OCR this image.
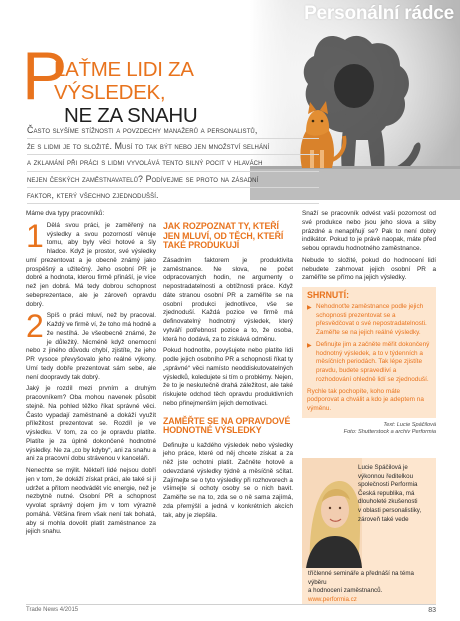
Personální rádce
P
LAŤME LIDI ZA VÝSLEDEK,
NE ZA SNAHU
Často slyšíme stížnosti a povzdechy manažerů a personalistů,
že s lidmi je to složité. Musí to tak být nebo jen množství selhání
a zklamání při práci s lidmi vyvolává tento silný pocit v hlavách
nejen českých zaměstnavatelů? Podívejme se proto na zásadní
faktor, který všechno zjednodušší.

Máme dva typy pracovníků:

1 Dělá svou práci, je zaměřený na výsledky a svou pozorností věnuje tomu, aby byly věci hotové a šly hladce. Když je prostor, své výsledky umí prezentovat a je obecně známý jako prospěšný a užitečný. Jeho osobní PR je dobré a hodnota, kterou firmě přináší, je více než jen dobrá. Má tedy dobrou schopnost sebeprezentace, ale je zároveň opravdu dobrý.

2 Spíš o práci mluví, než by pracoval. Každý ve firmě ví, že toho má hodně a že nestíhá. Je všeobecně známé, že je důležitý. Nicméně když onemocní nebo z jiného důvodu chybí, zjistíte, že jeho PR vysoce převyšovalo jeho reálné výkony. Umí tedy dobře prezentovat sám sebe, ale není doopravdy tak dobrý.

Jaký je rozdíl mezi prvním a druhým pracovníkem? Oba mohou navenek působit stejně. Na pohled těžko říkat správné věci. Často vypadají zaměstnaně a dokáží využít příležitost prezentovat se. Rozdíl je ve výsledku. V tom, za co je opravdu platíte. Platíte je za úplně dokončené hodnotné výsledky. Ne za „co by kdyby“, ani za snahu a ani za pracovní dobu strávenou v kanceláři.

Nenechte se mýlit. Někteří lidé nejsou dobří jen v tom, že dokáží získat práci, ale také si ji udržet a přitom neodvádět víc energie, než je nezbytně nutné. Osobní PR a schopnost vyvolat správný dojem jim v tom výrazně pomáhá. Většina firem však není tak bohatá, aby si mohla dovolit platit zaměstnance za jejich snahu.

JAK ROZPOZNAT TY, KTEŘÍ JEN MLUVÍ, OD TĚCH, KTEŘÍ TAKÉ PRODUKUJÍ

Zásadním faktorem je produktivita zaměstnance. Ne slova, ne počet odpracovaných hodin, ne argumenty o nepostradatelnosti a obtížnosti práce. Když dáte stranou osobní PR a zaměříte se na osobní produkci jednotlivce, vše se zjednoduší. Každá pozice ve firmě má definovatelný hodnotný výsledek, který vytváří potřebnost pozice a to, že osoba, která ho dodává, za to získává odměnu.

Pokud hodnotíte, povyšujete nebo platíte lidi podle jejich osobního PR a schopnosti říkat ty „správné“ věci namísto neoddiskutovatelných výsledků, koledujete si tím o problémy. Nejen, že to je neskutečně drahá záležitost, ale také riskujete odchod těch opravdu produktivních nebo přinejmenším jejich demotivaci.

ZAMĚŘTE SE NA OPRAVDOVÉ HODNOTNÉ VÝSLEDKY

Definujte u každého výsledek nebo výsledky jeho práce, které od něj chcete získat a za něž jste ochotni platit. Začněte hotově a odevzdané výsledky týdně a měsíčně sčítat. Zajímejte se o tyto výsledky při rozhovorech a všímejte si ochoty osoby se o nich bavit. Zaměřte se na to, zda se o ně sama zajímá, zda přemýšlí a jedná v konkrétních akcích tak, aby je zlepšila.

Snaží se pracovník odvést vaši pozornost od své produkce nebo jsou jeho slova a sliby prázdné a nenaplňují se? Pak to není dobrý indikátor. Pokud to je právě naopak, máte před sebou opravdu hodnotného zaměstnance.

Nebude to složité, pokud do hodnocení lidí nebudete zahrnovat jejich osobní PR a zaměříte se přímo na jejich výsledky.

SHRNUTÍ:
▶ Nehodnoťte zaměstnance podle jejich schopnosti prezentovat se a přesvědčovat o své nepostradatelnosti. Zaměřte se na jejich reálné výsledky.
▶ Definujte jim a začněte měřit dokončený hodnotný výsledek, a to v týdenních a měsíčních periodách. Tak lépe zjistíte pravdu, budete spravedliví a rozhodování ohledně lidí se zjednoduší.
Rychle tak pochopíte, koho máte podporovat a chválit a kdo je adeptem na výměnu.
Text: Lucie Spáčilová
Foto: Shutterstock a archiv Performia
Lucie Spáčilová je
výkonnou ředitelkou
společnosti Performia
Česká republika, má
dlouholeté zkušenosti
v oblasti personalistiky,
zároveň také vede
tříčlenné semináře a přednáší na téma výběru
a hodnocení zaměstnanců.
www.performia.cz
Trade News 4/2015	83
